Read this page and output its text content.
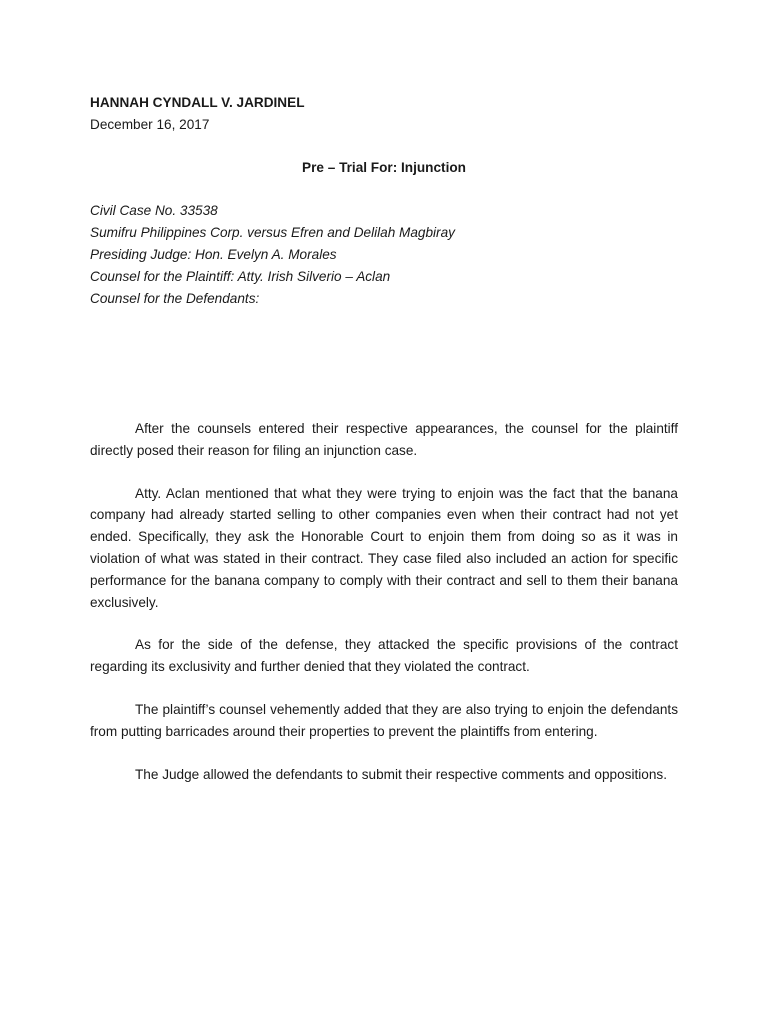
HANNAH CYNDALL V. JARDINEL
December 16, 2017
Pre – Trial For: Injunction
Civil Case No. 33538
Sumifru Philippines Corp. versus Efren and Delilah Magbiray
Presiding Judge: Hon. Evelyn A. Morales
Counsel for the Plaintiff: Atty. Irish Silverio – Aclan
Counsel for the Defendants:

After the counsels entered their respective appearances, the counsel for the plaintiff directly posed their reason for filing an injunction case.

Atty. Aclan mentioned that what they were trying to enjoin was the fact that the banana company had already started selling to other companies even when their contract had not yet ended. Specifically, they ask the Honorable Court to enjoin them from doing so as it was in violation of what was stated in their contract. They case filed also included an action for specific performance for the banana company to comply with their contract and sell to them their banana exclusively.

As for the side of the defense, they attacked the specific provisions of the contract regarding its exclusivity and further denied that they violated the contract.

The plaintiff’s counsel vehemently added that they are also trying to enjoin the defendants from putting barricades around their properties to prevent the plaintiffs from entering.

The Judge allowed the defendants to submit their respective comments and oppositions.
